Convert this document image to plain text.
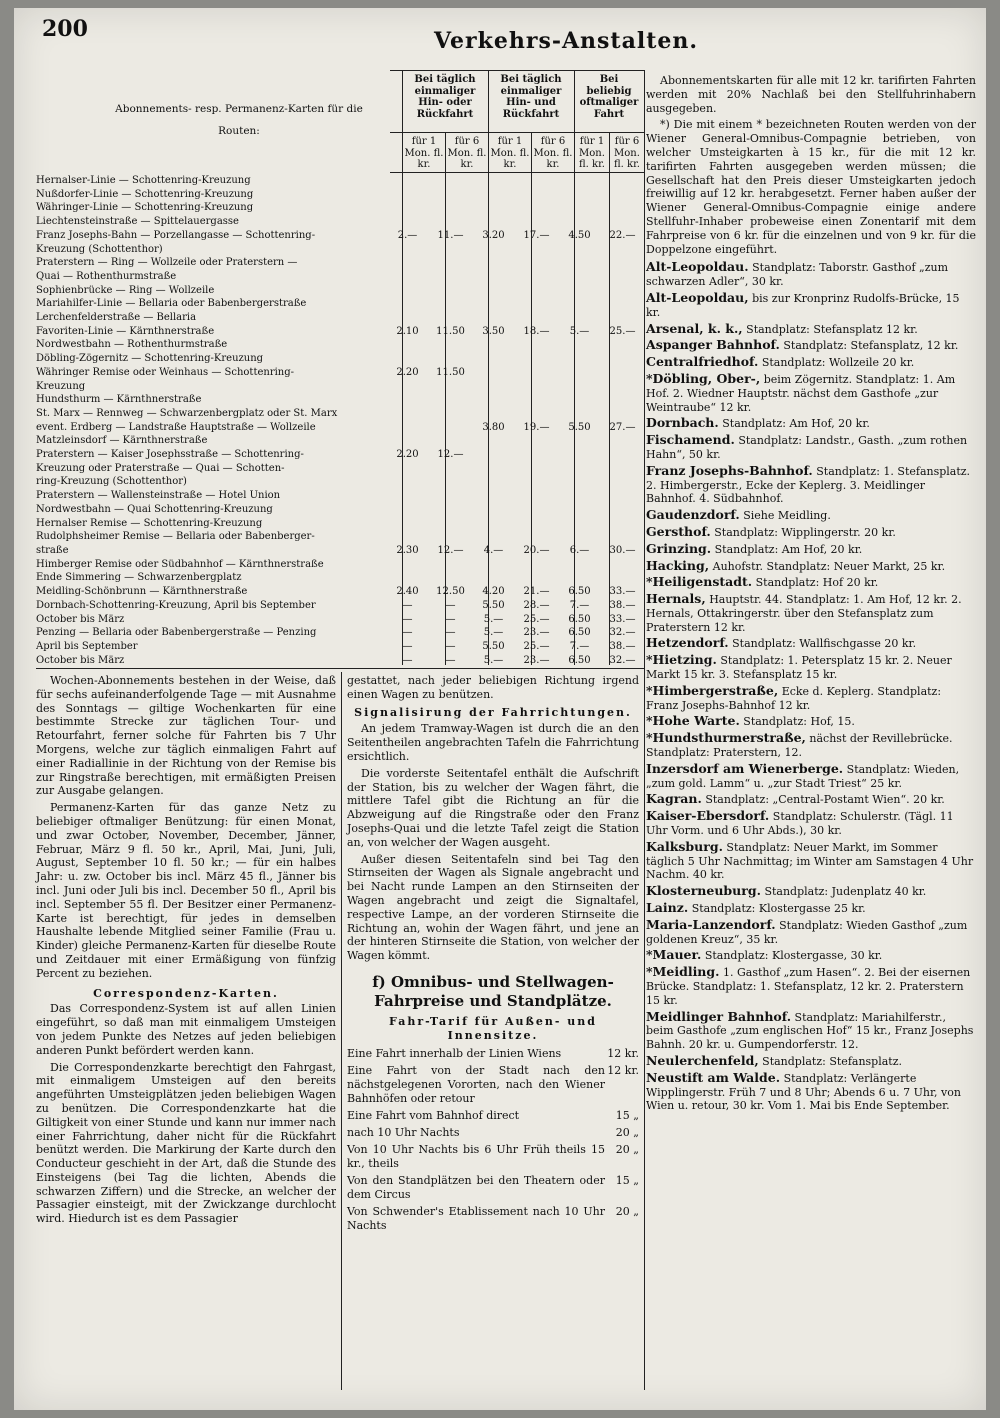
200	Verkehrs-Anstalten.
Abonnements- resp. Permanenz-Karten für die Routen:
Bei täglich einmaliger Hin- oder Rückfahrt
Bei täglich einmaliger Hin- und Rückfahrt
Bei beliebig oftmaliger Fahrt
für 1 Mon. fl. kr.
für 6 Mon. fl. kr.
für 1 Mon. fl. kr.
für 6 Mon. fl. kr.
für 1 Mon. fl. kr.
für 6 Mon. fl. kr.
Hernalser-Linie — Schottenring-Kreuzung						
Nußdorfer-Linie — Schottenring-Kreuzung						
Währinger-Linie — Schottenring-Kreuzung						
Liechtensteinstraße — Spittelauergasse						
Franz Josephs-Bahn — Porzellangasse — Schottenring-	2.—	11.—	3.20	17.—	4.50	22.—
Kreuzung (Schottenthor)						
Praterstern — Ring — Wollzeile oder Praterstern —						
Quai — Rothenthurmstraße						
Sophienbrücke — Ring — Wollzeile						
Mariahilfer-Linie — Bellaria oder Babenbergerstraße						
Lerchenfelderstraße — Bellaria						
Favoriten-Linie — Kärnthnerstraße	2.10	11.50	3.50	18.—	5.—	25.—
Nordwestbahn — Rothenthurmstraße						
Döbling-Zögernitz — Schottenring-Kreuzung						
Währinger Remise oder Weinhaus — Schottenring-	2.20	11.50				
Kreuzung						
Hundsthurm — Kärnthnerstraße						
St. Marx — Rennweg — Schwarzenbergplatz oder St. Marx						
event. Erdberg — Landstraße Hauptstraße — Wollzeile			3.80	19.—	5.50	27.—
Matzleinsdorf — Kärnthnerstraße						
Praterstern — Kaiser Josephsstraße — Schottenring-	2.20	12.—				
Kreuzung oder Praterstraße — Quai — Schotten-						
ring-Kreuzung (Schottenthor)						
Praterstern — Wallensteinstraße — Hotel Union						
Nordwestbahn — Quai Schottenring-Kreuzung						
Hernalser Remise — Schottenring-Kreuzung						
Rudolphsheimer Remise — Bellaria oder Babenberger-						
straße	2.30	12.—	4.—	20.—	6.—	30.—
Himberger Remise oder Südbahnhof — Kärnthnerstraße						
Ende Simmering — Schwarzenbergplatz						
Meidling-Schönbrunn — Kärnthnerstraße	2.40	12.50	4.20	21.—	6.50	33.—
Dornbach-Schottenring-Kreuzung, April bis September	—	—	5.50	28.—	7.—	38.—
October bis März	—	—	5.—	25.—	6.50	33.—
Penzing — Bellaria oder Babenbergerstraße — Penzing	—	—	5.—	23.—	6.50	32.—
April bis September	—	—	5.50	25.—	7.—	38.—
October bis März	—	—	5.—	23.—	6.50	32.—

Wochen-Abonnements bestehen in der Weise, daß für sechs aufeinanderfolgende Tage — mit Ausnahme des Sonntags — giltige Wochenkarten für eine bestimmte Strecke zur täglichen Tour- und Retourfahrt, ferner solche für Fahrten bis 7 Uhr Morgens, welche zur täglich einmaligen Fahrt auf einer Radiallinie in der Richtung von der Remise bis zur Ringstraße berechtigen, mit ermäßigten Preisen zur Ausgabe gelangen.

Permanenz-Karten für das ganze Netz zu beliebiger oftmaliger Benützung: für einen Monat, und zwar October, November, December, Jänner, Februar, März 9 fl. 50 kr., April, Mai, Juni, Juli, August, September 10 fl. 50 kr.; — für ein halbes Jahr: u. zw. October bis incl. März 45 fl., Jänner bis incl. Juni oder Juli bis incl. December 50 fl., April bis incl. September 55 fl. Der Besitzer einer Permanenz-Karte ist berechtigt, für jedes in demselben Haushalte lebende Mitglied seiner Familie (Frau u. Kinder) gleiche Permanenz-Karten für dieselbe Route und Zeitdauer mit einer Ermäßigung von fünfzig Percent zu beziehen.

Correspondenz-Karten.

Das Correspondenz-System ist auf allen Linien eingeführt, so daß man mit einmaligem Umsteigen von jedem Punkte des Netzes auf jeden beliebigen anderen Punkt befördert werden kann.

Die Correspondenzkarte berechtigt den Fahrgast, mit einmaligem Umsteigen auf den bereits angeführten Umsteigplätzen jeden beliebigen Wagen zu benützen. Die Correspondenzkarte hat die Giltigkeit von einer Stunde und kann nur immer nach einer Fahrrichtung, daher nicht für die Rückfahrt benützt werden. Die Markirung der Karte durch den Conducteur geschieht in der Art, daß die Stunde des Einsteigens (bei Tag die lichten, Abends die schwarzen Ziffern) und die Strecke, an welcher der Passagier einsteigt, mit der Zwickzange durchlocht wird. Hiedurch ist es dem Passagier

gestattet, nach jeder beliebigen Richtung irgend einen Wagen zu benützen.

Signalisirung der Fahrrichtungen.

An jedem Tramway-Wagen ist durch die an den Seitentheilen angebrachten Tafeln die Fahrrichtung ersichtlich.

Die vorderste Seitentafel enthält die Aufschrift der Station, bis zu welcher der Wagen fährt, die mittlere Tafel gibt die Richtung an für die Abzweigung auf die Ringstraße oder den Franz Josephs-Quai und die letzte Tafel zeigt die Station an, von welcher der Wagen ausgeht.

Außer diesen Seitentafeln sind bei Tag den Stirnseiten der Wagen als Signale angebracht und bei Nacht runde Lampen an den Stirnseiten der Wagen angebracht und zeigt die Signaltafel, respective Lampe, an der vorderen Stirnseite die Richtung an, wohin der Wagen fährt, und jene an der hinteren Stirnseite die Station, von welcher der Wagen kömmt.

f) Omnibus- und Stellwagen-Fahrpreise und Standplätze.
Fahr-Tarif für Außen- und Innensitze.
Eine Fahrt innerhalb der Linien Wiens	12 kr.
Eine Fahrt von der Stadt nach den nächstgelegenen Vororten, nach den Wiener Bahnhöfen oder retour
12 kr.
Eine Fahrt vom Bahnhof direct	15 „
nach 10 Uhr Nachts	20 „
Von 10 Uhr Nachts bis 6 Uhr Früh theils 15 kr., theils
20 „
Von den Standplätzen bei den Theatern oder dem Circus
15 „
Von Schwender's Etablissement nach 10 Uhr Nachts
20 „
Abonnementskarten für alle mit 12 kr. tarifirten Fahrten werden mit 20% Nachlaß bei den Stellfuhrinhabern ausgegeben.
*) Die mit einem * bezeichneten Routen werden von der Wiener General-Omnibus-Compagnie betrieben, von welcher Umsteigkarten à 15 kr., für die mit 12 kr. tarifirten Fahrten ausgegeben werden müssen; die Gesellschaft hat den Preis dieser Umsteigkarten jedoch freiwillig auf 12 kr. herabgesetzt. Ferner haben außer der Wiener General-Omnibus-Compagnie einige andere Stellfuhr-Inhaber probeweise einen Zonentarif mit dem Fahrpreise von 6 kr. für die einzelnen und von 9 kr. für die Doppelzone eingeführt.
Alt-Leopoldau. Standplatz: Taborstr. Gasthof „zum schwarzen Adler“, 30 kr.
Alt-Leopoldau, bis zur Kronprinz Rudolfs-Brücke, 15 kr.
Arsenal, k. k., Standplatz: Stefansplatz 12 kr.
Aspanger Bahnhof. Standplatz: Stefansplatz, 12 kr.
Centralfriedhof. Standplatz: Wollzeile 20 kr.
*Döbling, Ober-, beim Zögernitz. Standplatz: 1. Am Hof. 2. Wiedner Hauptstr. nächst dem Gasthofe „zur Weintraube“ 12 kr.
Dornbach. Standplatz: Am Hof, 20 kr.
Fischamend. Standplatz: Landstr., Gasth. „zum rothen Hahn“, 50 kr.
Franz Josephs-Bahnhof. Standplatz: 1. Stefansplatz. 2. Himbergerstr., Ecke der Keplerg. 3. Meidlinger Bahnhof. 4. Südbahnhof.
Gaudenzdorf. Siehe Meidling.
Gersthof. Standplatz: Wipplingerstr. 20 kr.
Grinzing. Standplatz: Am Hof, 20 kr.
Hacking, Auhofstr. Standplatz: Neuer Markt, 25 kr.
*Heiligenstadt. Standplatz: Hof 20 kr.
Hernals, Hauptstr. 44. Standplatz: 1. Am Hof, 12 kr. 2. Hernals, Ottakringerstr. über den Stefansplatz zum Praterstern 12 kr.
Hetzendorf. Standplatz: Wallfischgasse 20 kr.
*Hietzing. Standplatz: 1. Petersplatz 15 kr. 2. Neuer Markt 15 kr. 3. Stefansplatz 15 kr.
*Himbergerstraße, Ecke d. Keplerg. Standplatz: Franz Josephs-Bahnhof 12 kr.
*Hohe Warte. Standplatz: Hof, 15.
*Hundsthurmerstraße, nächst der Revillebrücke. Standplatz: Praterstern, 12.
Inzersdorf am Wienerberge. Standplatz: Wieden, „zum gold. Lamm“ u. „zur Stadt Triest“ 25 kr.
Kagran. Standplatz: „Central-Postamt Wien“. 20 kr.
Kaiser-Ebersdorf. Standplatz: Schulerstr. (Tägl. 11 Uhr Vorm. und 6 Uhr Abds.), 30 kr.
Kalksburg. Standplatz: Neuer Markt, im Sommer täglich 5 Uhr Nachmittag; im Winter am Samstagen 4 Uhr Nachm. 40 kr.
Klosterneuburg. Standplatz: Judenplatz 40 kr.
Lainz. Standplatz: Klostergasse 25 kr.
Maria-Lanzendorf. Standplatz: Wieden Gasthof „zum goldenen Kreuz“, 35 kr.
*Mauer. Standplatz: Klostergasse, 30 kr.
*Meidling. 1. Gasthof „zum Hasen“. 2. Bei der eisernen Brücke. Standplatz: 1. Stefansplatz, 12 kr. 2. Praterstern 15 kr.
Meidlinger Bahnhof. Standplatz: Mariahilferstr., beim Gasthofe „zum englischen Hof“ 15 kr., Franz Josephs Bahnh. 20 kr. u. Gumpendorferstr. 12.
Neulerchenfeld, Standplatz: Stefansplatz.
Neustift am Walde. Standplatz: Verlängerte Wipplingerstr. Früh 7 und 8 Uhr; Abends 6 u. 7 Uhr, von Wien u. retour, 30 kr. Vom 1. Mai bis Ende September.
